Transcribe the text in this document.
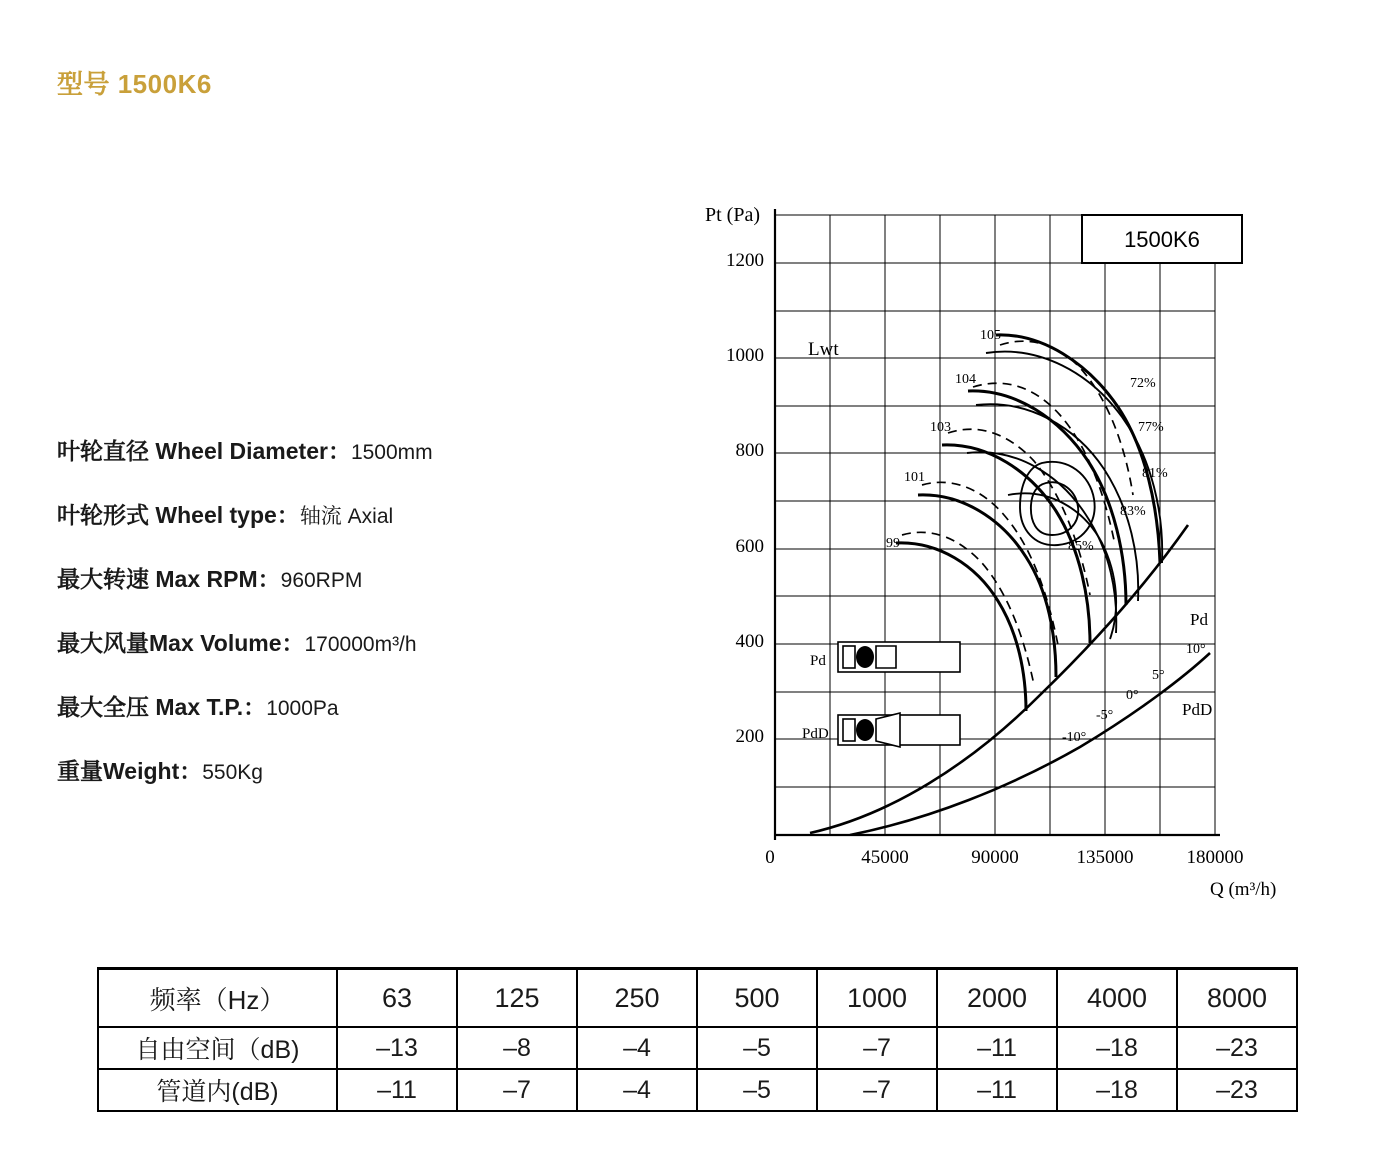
型号 1500K6
叶轮直径 Wheel Diameter：1500mm
叶轮形式 Wheel type：轴流 Axial
最大转速 Max RPM：960RPM
最大风量Max Volume：170000m³/h
最大全压 Max T.P.：1000Pa
重量Weight：550Kg
1200
1000
800
600
400
200
0	45000	90000	135000	180000
Pt (Pa)
Q (m³/h)
1500K6
Lwt
105
104
103
101
99
72%
77%
81%
83%
85%
Pd
PdD
10°
5°
0°
-5°
-10°
Pd
PdD
频率（Hz）	63	125	250	500	1000	2000	4000	8000
自由空间（dB)	–13	–8	–4	–5	–7	–11	–18	–23
管道内(dB)	–11	–7	–4	–5	–7	–11	–18	–23
